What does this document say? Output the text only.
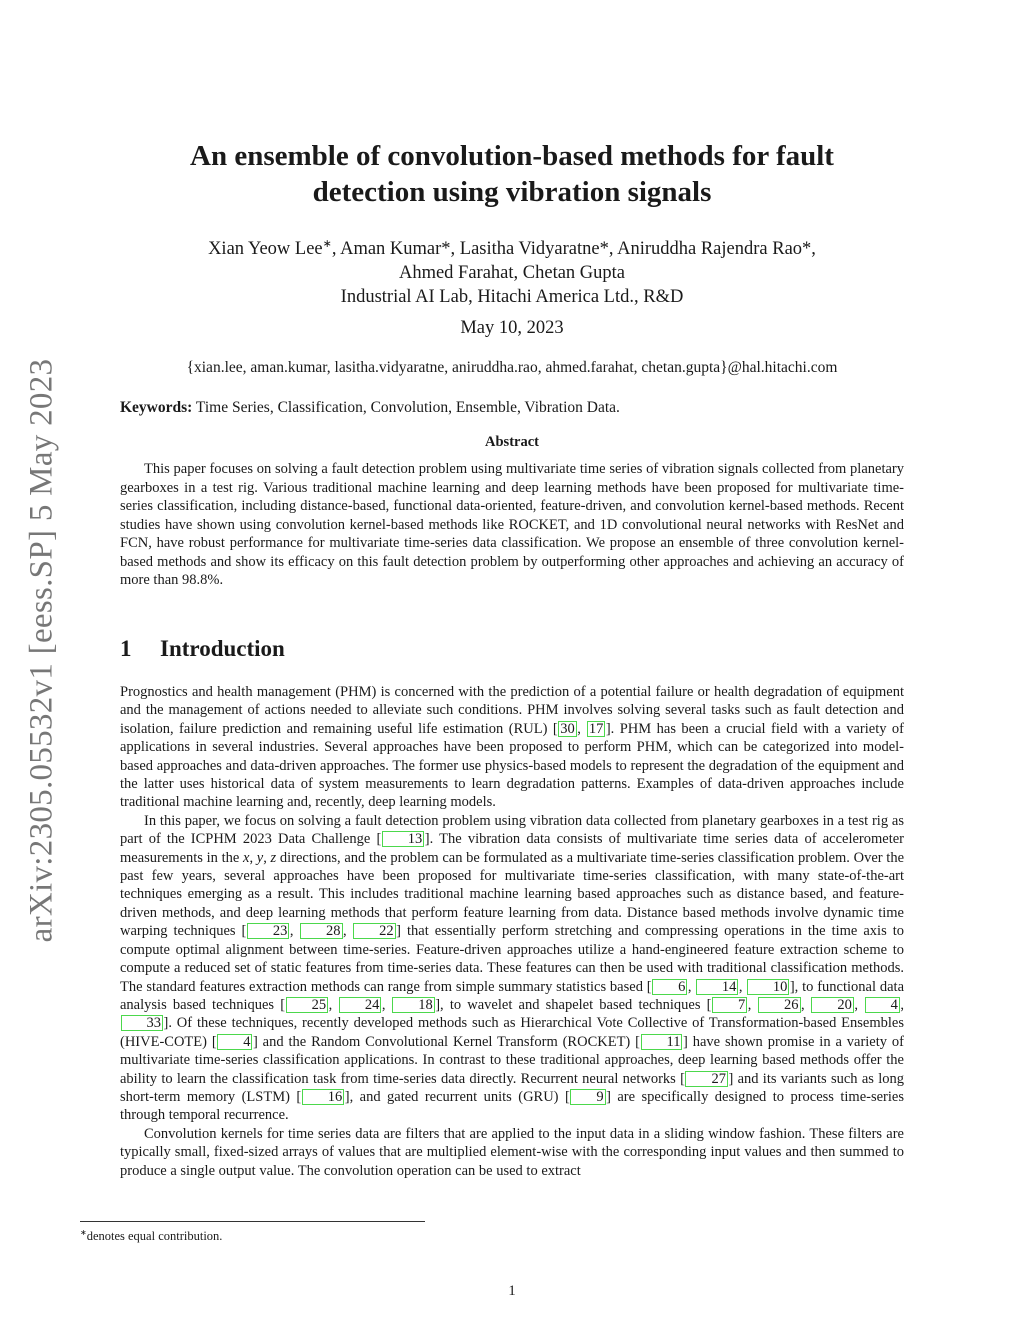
arXiv:2305.05532v1 [eess.SP] 5 May 2023
An ensemble of convolution-based methods for fault
detection using vibration signals
Xian Yeow Lee∗, Aman Kumar*, Lasitha Vidyaratne*, Aniruddha Rajendra Rao*,
Ahmed Farahat, Chetan Gupta
Industrial AI Lab, Hitachi America Ltd., R&D
May 10, 2023
{xian.lee, aman.kumar, lasitha.vidyaratne, aniruddha.rao, ahmed.farahat, chetan.gupta}@hal.hitachi.com
Keywords: Time Series, Classification, Convolution, Ensemble, Vibration Data.
Abstract
This paper focuses on solving a fault detection problem using multivariate time series of vibration signals collected from planetary gearboxes in a test rig. Various traditional machine learning and deep learning methods have been proposed for multivariate time-series classification, including distance-based, functional data-oriented, feature-driven, and convolution kernel-based methods. Recent studies have shown using convolution kernel-based methods like ROCKET, and 1D convolutional neural networks with ResNet and FCN, have robust performance for multivariate time-series data classification. We propose an ensemble of three convolution kernel-based methods and show its efficacy on this fault detection problem by outperforming other approaches and achieving an accuracy of more than 98.8%.
1 Introduction

Prognostics and health management (PHM) is concerned with the prediction of a potential failure or health degradation of equipment and the management of actions needed to alleviate such conditions. PHM involves solving several tasks such as fault detection and isolation, failure prediction and remaining useful life estimation (RUL) [ 30 , 17 ]. PHM has been a crucial field with a variety of applications in several industries. Several approaches have been proposed to perform PHM, which can be categorized into model-based approaches and data-driven approaches. The former use physics-based models to represent the degradation of the equipment and the latter uses historical data of system measurements to learn degradation patterns. Examples of data-driven approaches include traditional machine learning and, recently, deep learning models.

In this paper, we focus on solving a fault detection problem using vibration data collected from planetary gearboxes in a test rig as part of the ICPHM 2023 Data Challenge [ 13 ]. The vibration data consists of multivariate time series data of accelerometer measurements in the x, y, z directions, and the problem can be formulated as a multivariate time-series classification problem. Over the past few years, several approaches have been proposed for multivariate time-series classification, with many state-of-the-art techniques emerging as a result. This includes traditional machine learning based approaches such as distance based, and feature-driven methods, and deep learning methods that perform feature learning from data. Distance based methods involve dynamic time warping techniques [ 23 , 28 , 22 ] that essentially perform stretching and compressing operations in the time axis to compute optimal alignment between time-series. Feature-driven approaches utilize a hand-engineered feature extraction scheme to compute a reduced set of static features from time-series data. These features can then be used with traditional classification methods. The standard features extraction methods can range from simple summary statistics based [ 6 , 14 , 10 ], to functional data analysis based techniques [ 25 , 24 , 18 ], to wavelet and shapelet based techniques [ 7 , 26 , 20 , 4 , 33 ]. Of these techniques, recently developed methods such as Hierarchical Vote Collective of Transformation-based Ensembles (HIVE-COTE) [ 4 ] and the Random Convolutional Kernel Transform (ROCKET) [ 11 ] have shown promise in a variety of multivariate time-series classification applications. In contrast to these traditional approaches, deep learning based methods offer the ability to learn the classification task from time-series data directly. Recurrent neural networks [ 27 ] and its variants such as long short-term memory (LSTM) [ 16 ], and gated recurrent units (GRU) [ 9 ] are specifically designed to process time-series through temporal recurrence.

Convolution kernels for time series data are filters that are applied to the input data in a sliding window fashion. These filters are typically small, fixed-sized arrays of values that are multiplied element-wise with the corresponding input values and then summed to produce a single output value. The convolution operation can be used to extract

∗denotes equal contribution.
1
